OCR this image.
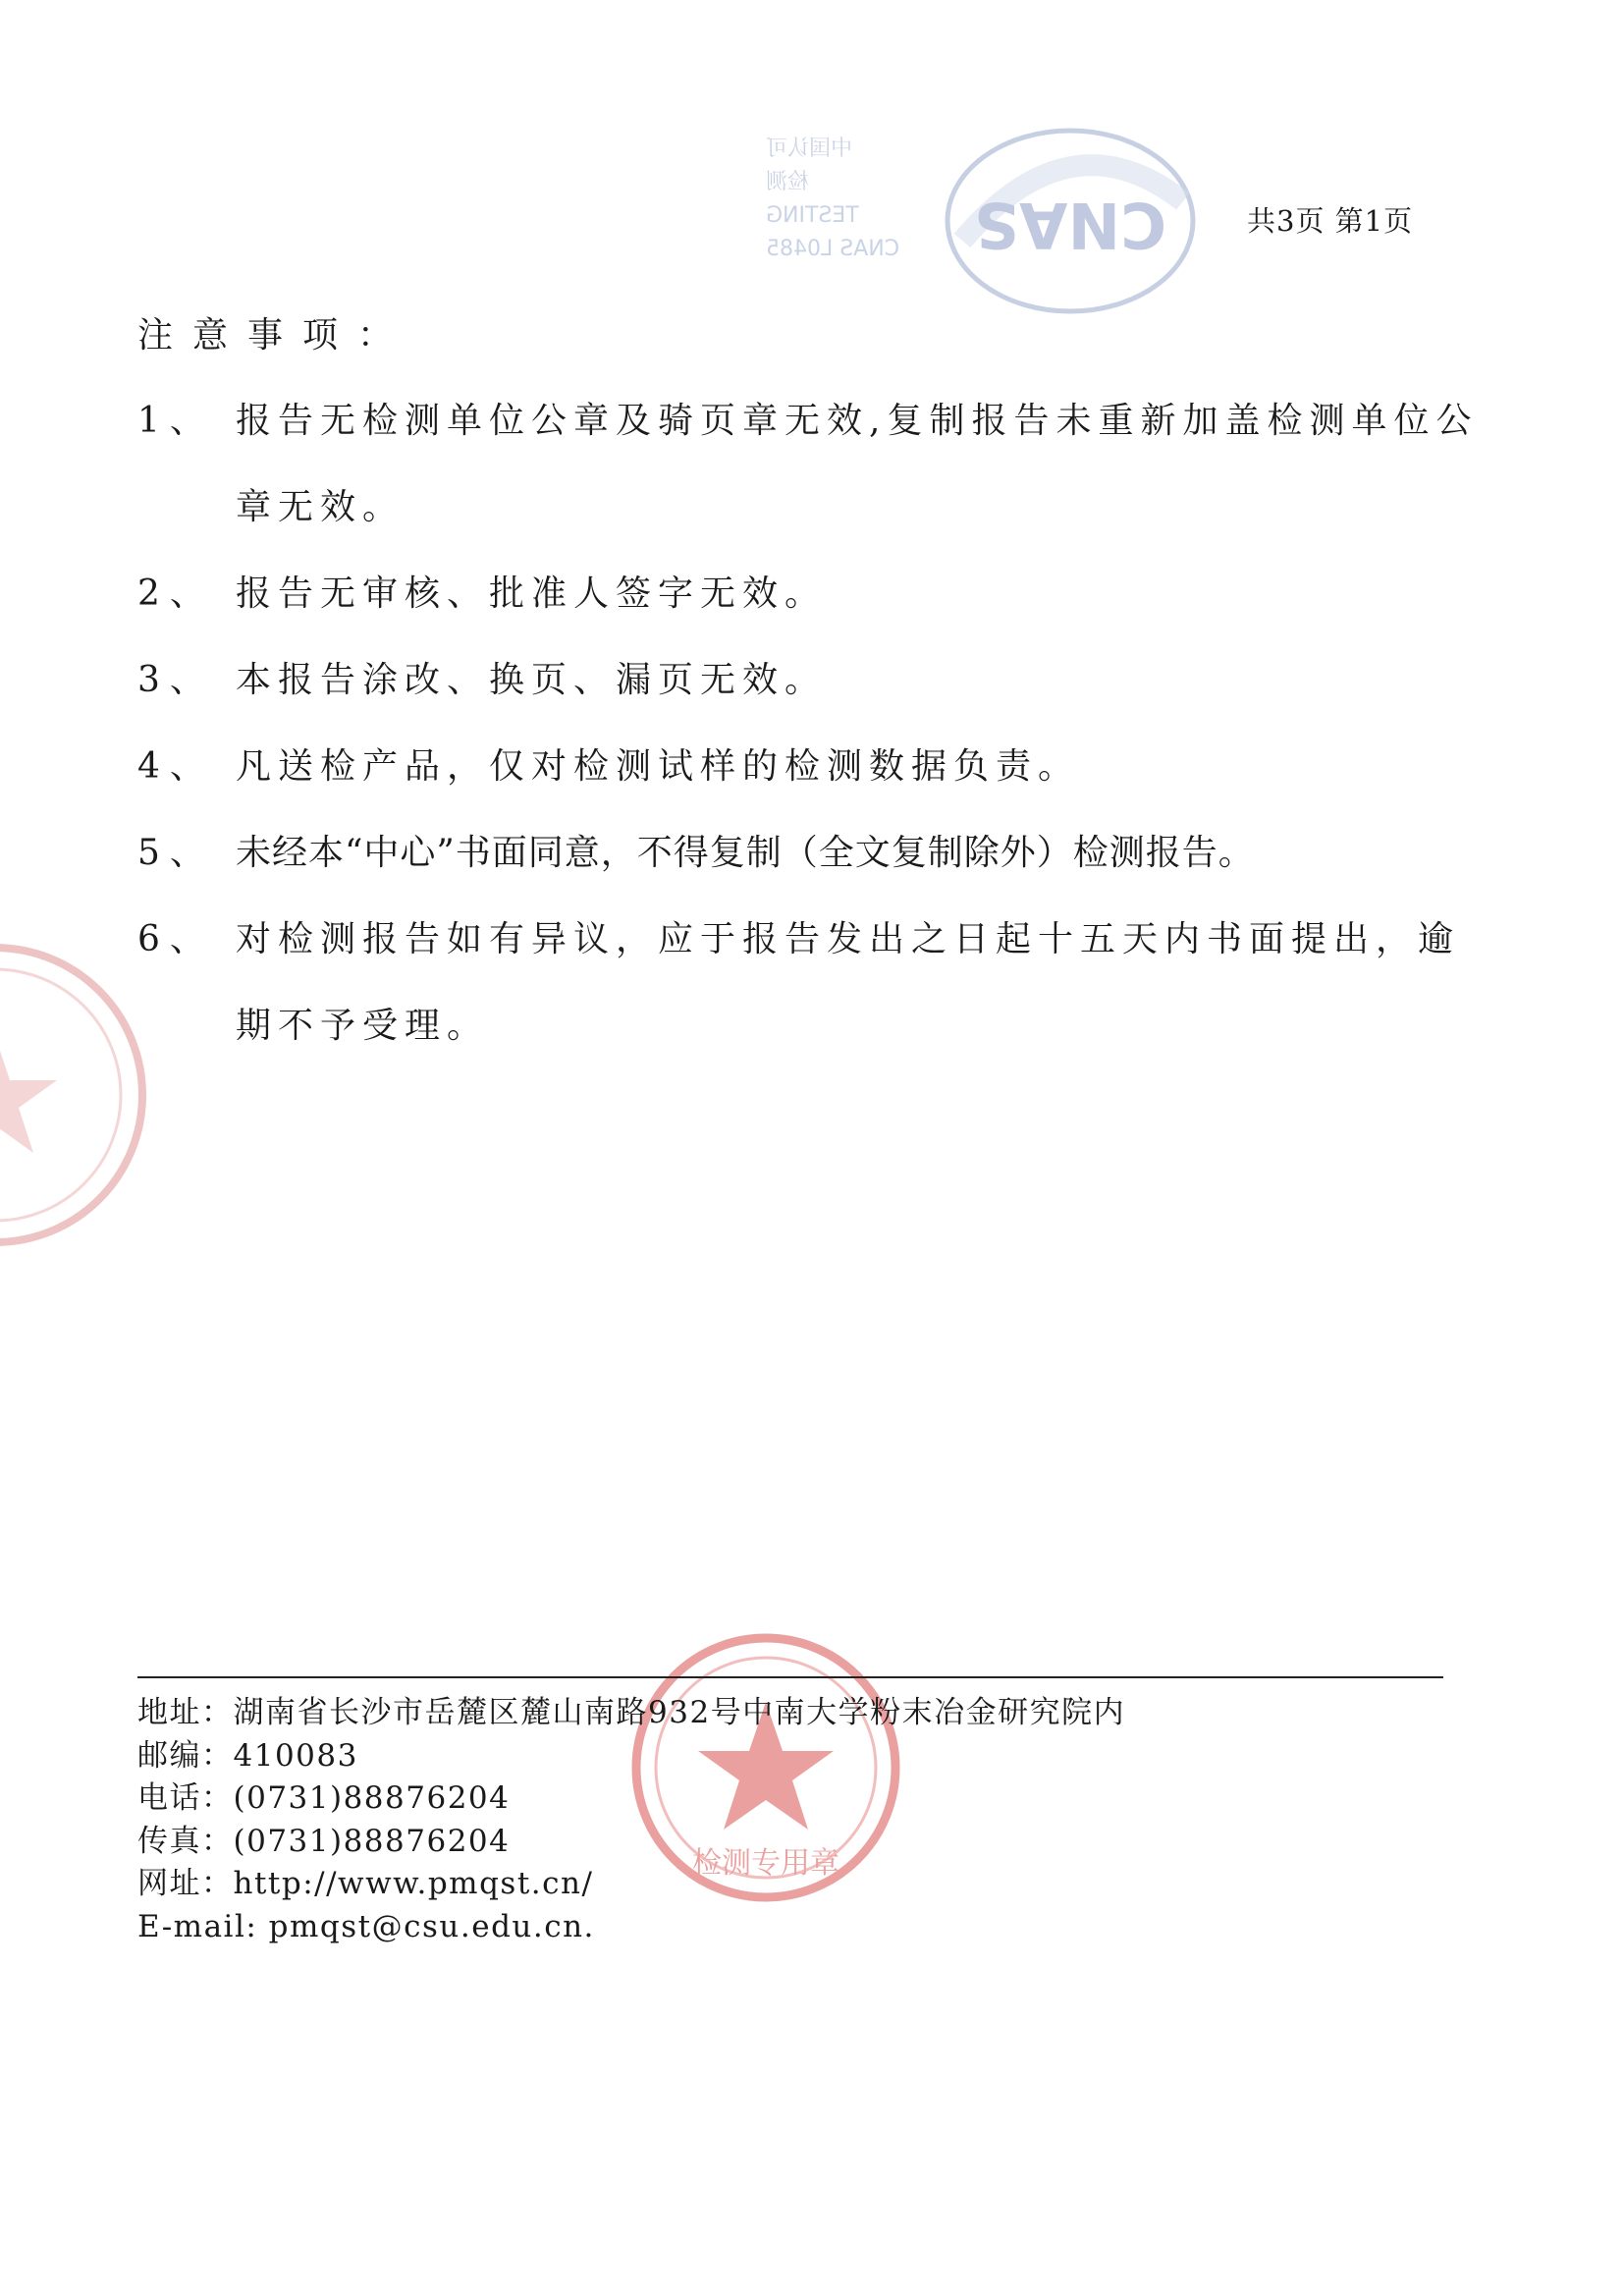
共3页 第1页
中国认可
检测
TESTING
CNAS L0485	CNAS
注意事项：
1、 报告无检测单位公章及骑页章无效,复制报告未重新加盖检测单位公章无效。
2、 报告无审核、批准人签字无效。
3、 本报告涂改、换页、漏页无效。
4、 凡送检产品，仅对检测试样的检测数据负责。
5、 未经本“中心”书面同意，不得复制（全文复制除外）检测报告。
6、 对检测报告如有异议，应于报告发出之日起十五天内书面提出，逾期不予受理。
检测专用章
地址：湖南省长沙市岳麓区麓山南路932号中南大学粉末冶金研究院内
邮编：410083
电话：(0731)88876204
传真：(0731)88876204
网址：http://www.pmqst.cn/
E-mail: pmqst@csu.edu.cn.
